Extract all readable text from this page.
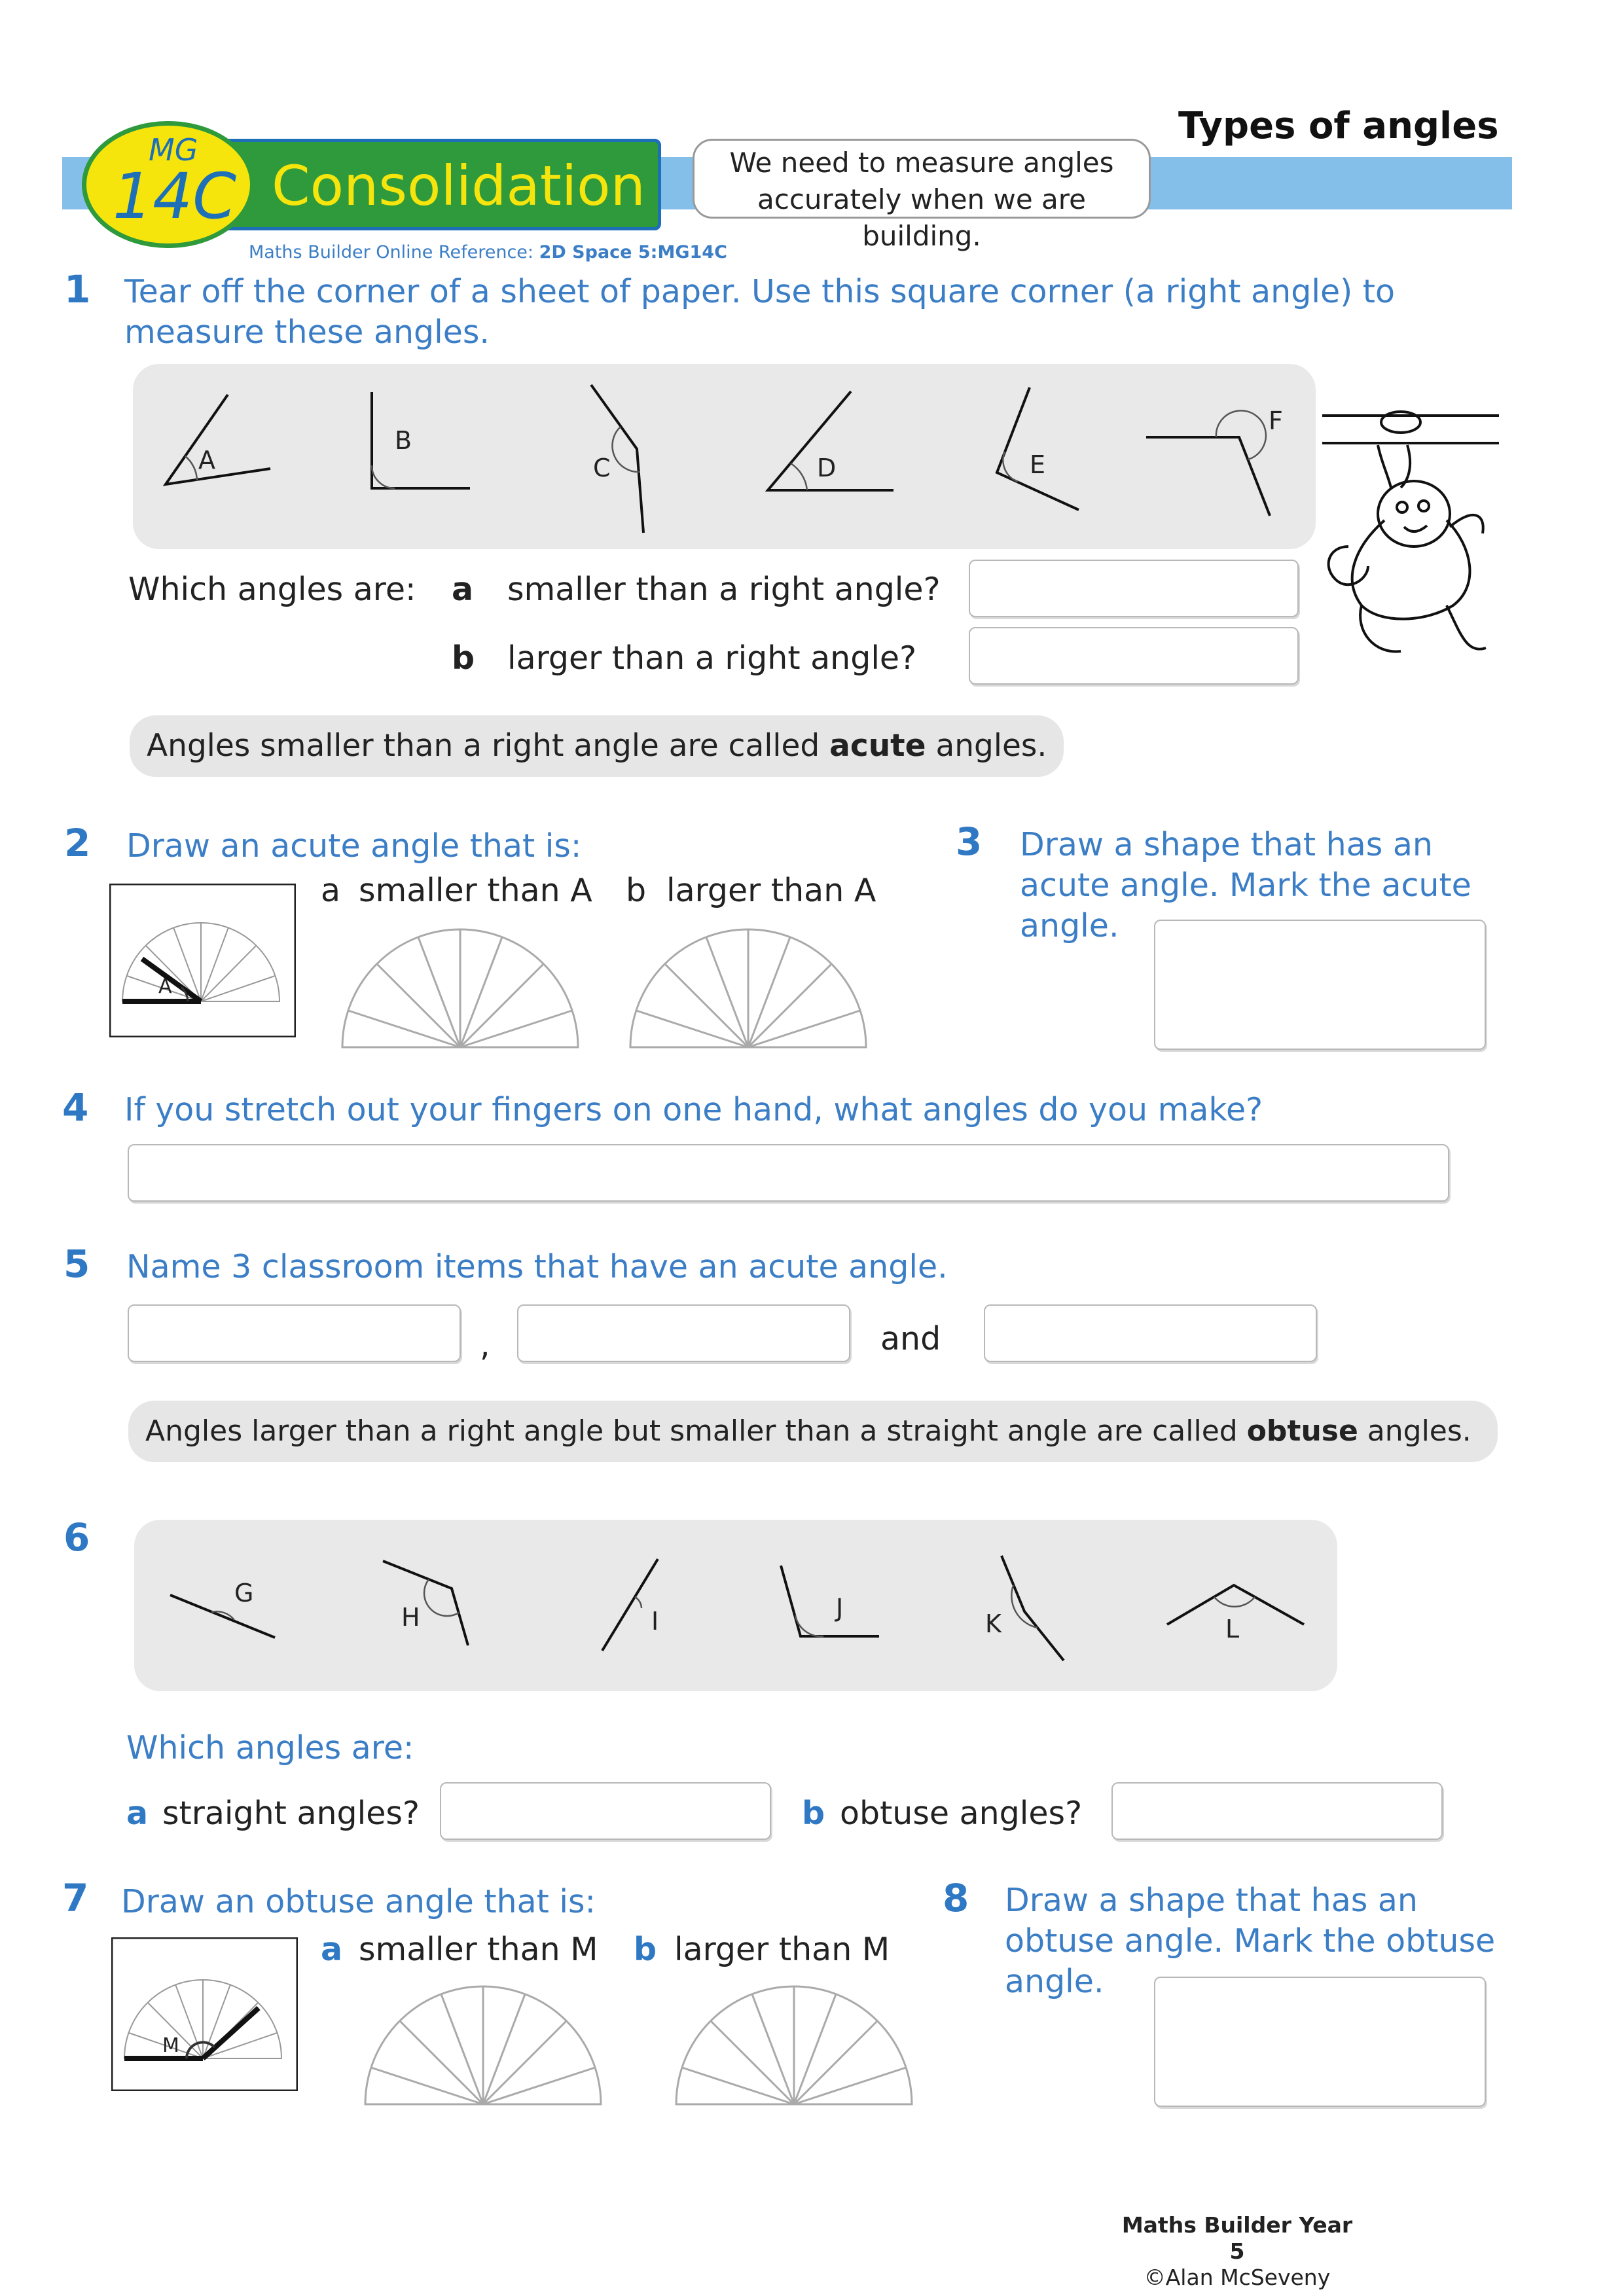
Types of angles
Consolidation
MG
14C	We need to measure angles
accurately when we are building.
Maths Builder Online Reference: 2D Space 5:MG14C
1 Tear off the corner of a sheet of paper. Use this square corner (a right angle) to
measure these angles.
A
B
C	D	E
F
Which angles are: a smaller than a right angle?
b larger than a right angle?
Angles smaller than a right angle are called acute angles.
2 Draw an acute angle that is:
A
a smaller than A b larger than A
3 Draw a shape that has an
acute angle. Mark the acute
angle.
4 If you stretch out your fingers on one hand, what angles do you make?
5 Name 3 classroom items that have an acute angle.
,	and
Angles larger than a right angle but smaller than a straight angle are called obtuse angles.
6
G
H	I	J
K	L
Which angles are:
a straight angles?	b obtuse angles?
7 Draw an obtuse angle that is:
M
a smaller than M b larger than M
8 Draw a shape that has an
obtuse angle. Mark the obtuse
angle.
Maths Builder Year 5
©Alan McSeveny
